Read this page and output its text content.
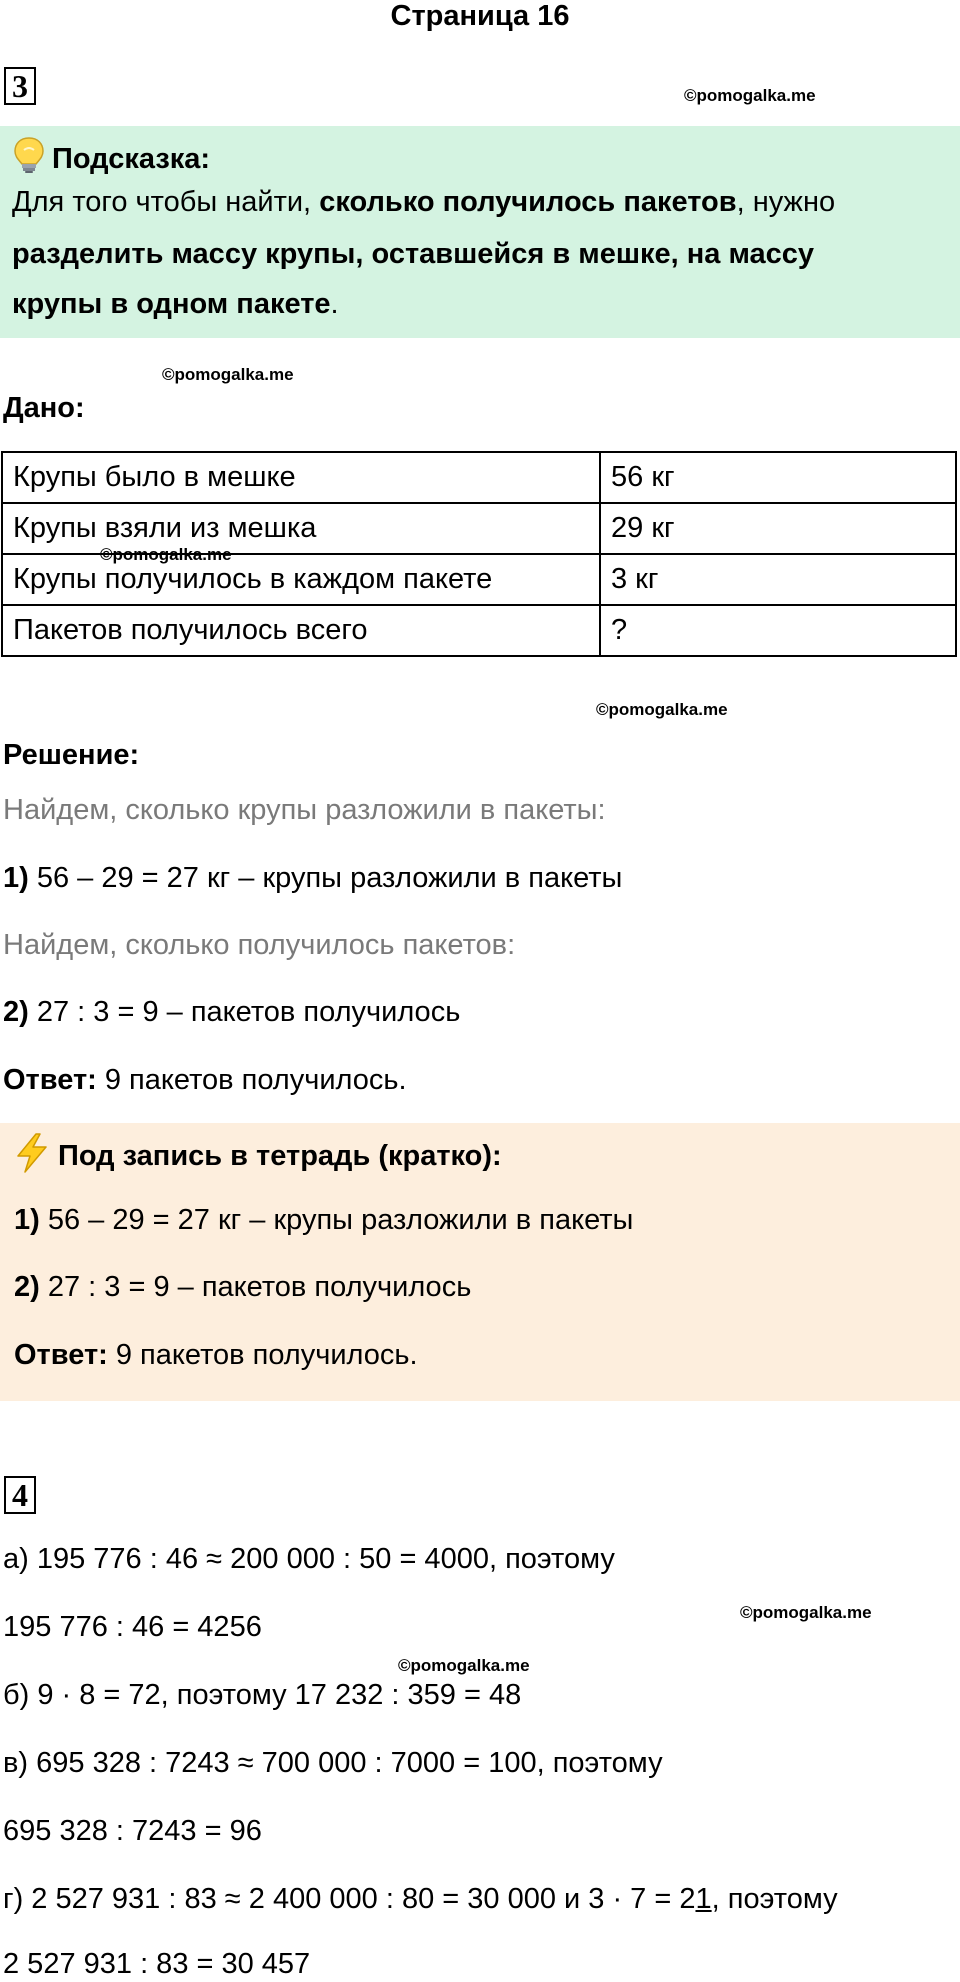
Страница 16
3	©pomogalka.me
Подсказка:
Для того чтобы найти, сколько получилось пакетов, нужно
разделить массу крупы, оставшейся в мешке, на массу
крупы в одном пакете.
©pomogalka.me
Дано:
Крупы было в мешке	56 кг
Крупы взяли из мешка	29 кг
Крупы получилось в каждом пакете	3 кг
Пакетов получилось всего	?
©pomogalka.me
©pomogalka.me
Решение:
Найдем, сколько крупы разложили в пакеты:
1) 56 – 29 = 27 кг – крупы разложили в пакеты
Найдем, сколько получилось пакетов:
2) 27 : 3 = 9 – пакетов получилось
Ответ: 9 пакетов получилось.
Под запись в тетрадь (кратко):
1) 56 – 29 = 27 кг – крупы разложили в пакеты
2) 27 : 3 = 9 – пакетов получилось
Ответ: 9 пакетов получилось.
4
а) 195 776 : 46 ≈ 200 000 : 50 = 4000, поэтому
195 776 : 46 = 4256	©pomogalka.me
©pomogalka.me
б) 9 · 8 = 72, поэтому 17 232 : 359 = 48
в) 695 328 : 7243 ≈ 700 000 : 7000 = 100, поэтому
695 328 : 7243 = 96
г) 2 527 931 : 83 ≈ 2 400 000 : 80 = 30 000 и 3 · 7 = 21, поэтому
2 527 931 : 83 = 30 457
